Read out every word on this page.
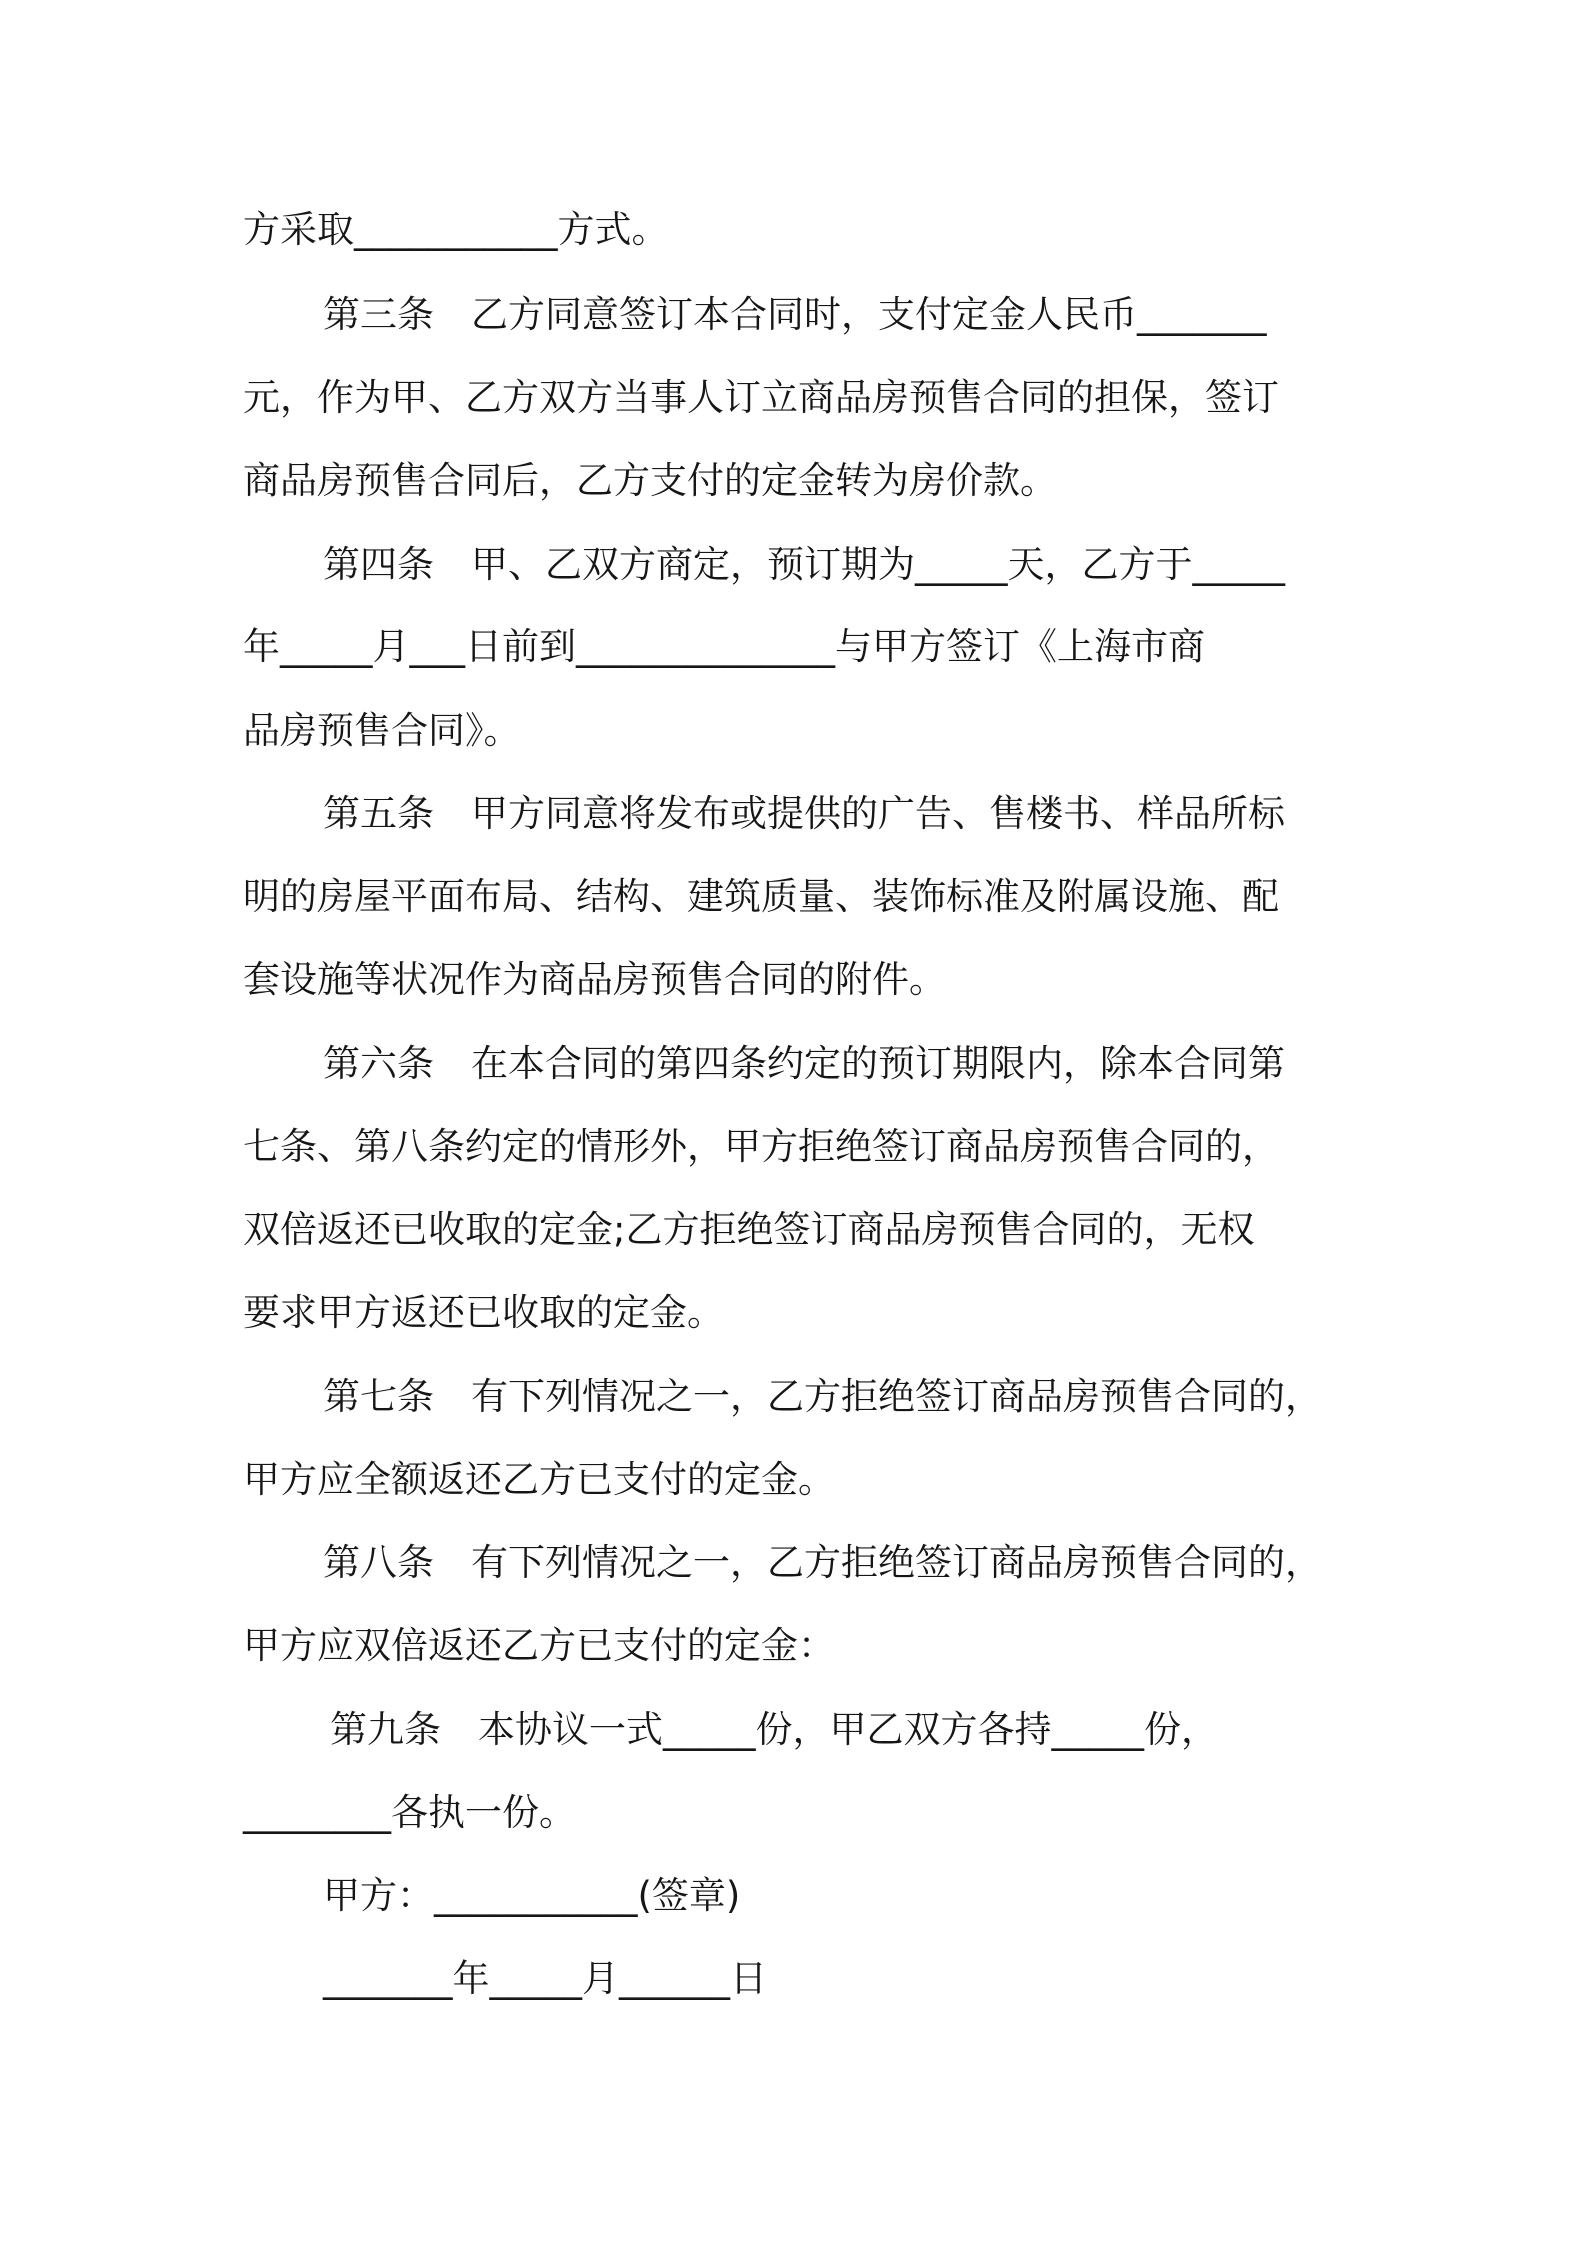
方采取___________方式。

第三条　乙方同意签订本合同时，支付定金人民币_______

元，作为甲、乙方双方当事人订立商品房预售合同的担保，签订

商品房预售合同后，乙方支付的定金转为房价款。

第四条　甲、乙双方商定，预订期为_____天，乙方于_____

年_____月___日前到______________与甲方签订《上海市商

品房预售合同》。

第五条　甲方同意将发布或提供的广告、售楼书、样品所标

明的房屋平面布局、结构、建筑质量、装饰标准及附属设施、配

套设施等状况作为商品房预售合同的附件。

第六条　在本合同的第四条约定的预订期限内，除本合同第

七条、第八条约定的情形外，甲方拒绝签订商品房预售合同的，

双倍返还已收取的定金;乙方拒绝签订商品房预售合同的，无权

要求甲方返还已收取的定金。

第七条　有下列情况之一，乙方拒绝签订商品房预售合同的，

甲方应全额返还乙方已支付的定金。

第八条　有下列情况之一，乙方拒绝签订商品房预售合同的，

甲方应双倍返还乙方已支付的定金：

第九条　本协议一式_____份，甲乙双方各持_____份，

________各执一份。

甲方：___________(签章)

_______年_____月______日
